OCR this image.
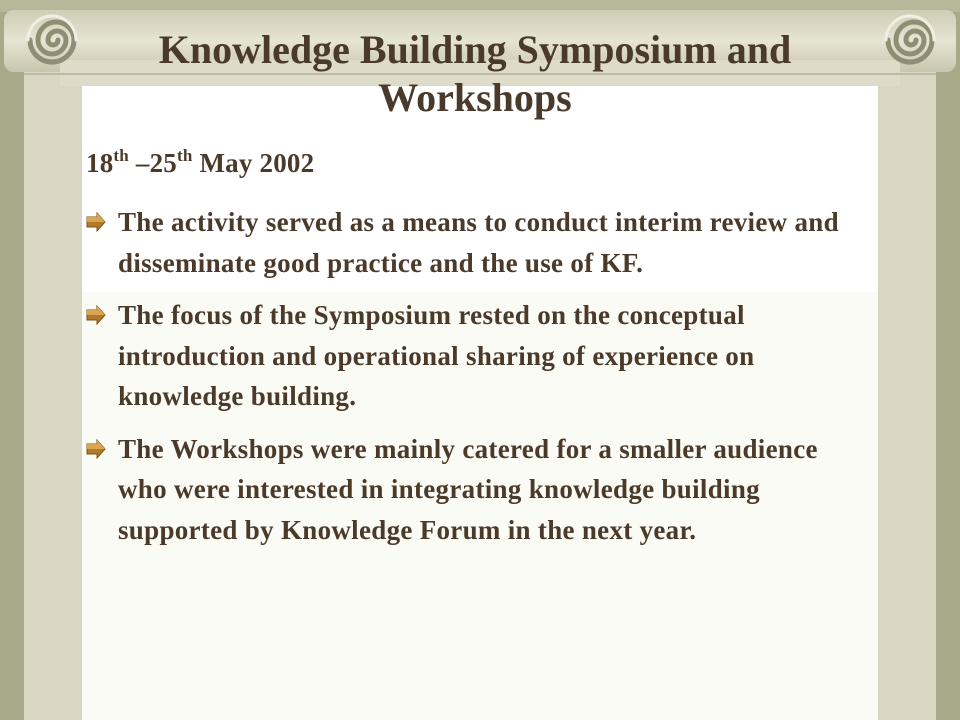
Knowledge Building Symposium and Workshops

18th –25th May 2002

The activity served as a means to conduct interim review and disseminate good practice and the use of KF.
The focus of the Symposium rested on the conceptual introduction and operational sharing of experience on knowledge building.
The Workshops were mainly catered for a smaller audience who were interested in integrating knowledge building supported by Knowledge Forum in the next year.
